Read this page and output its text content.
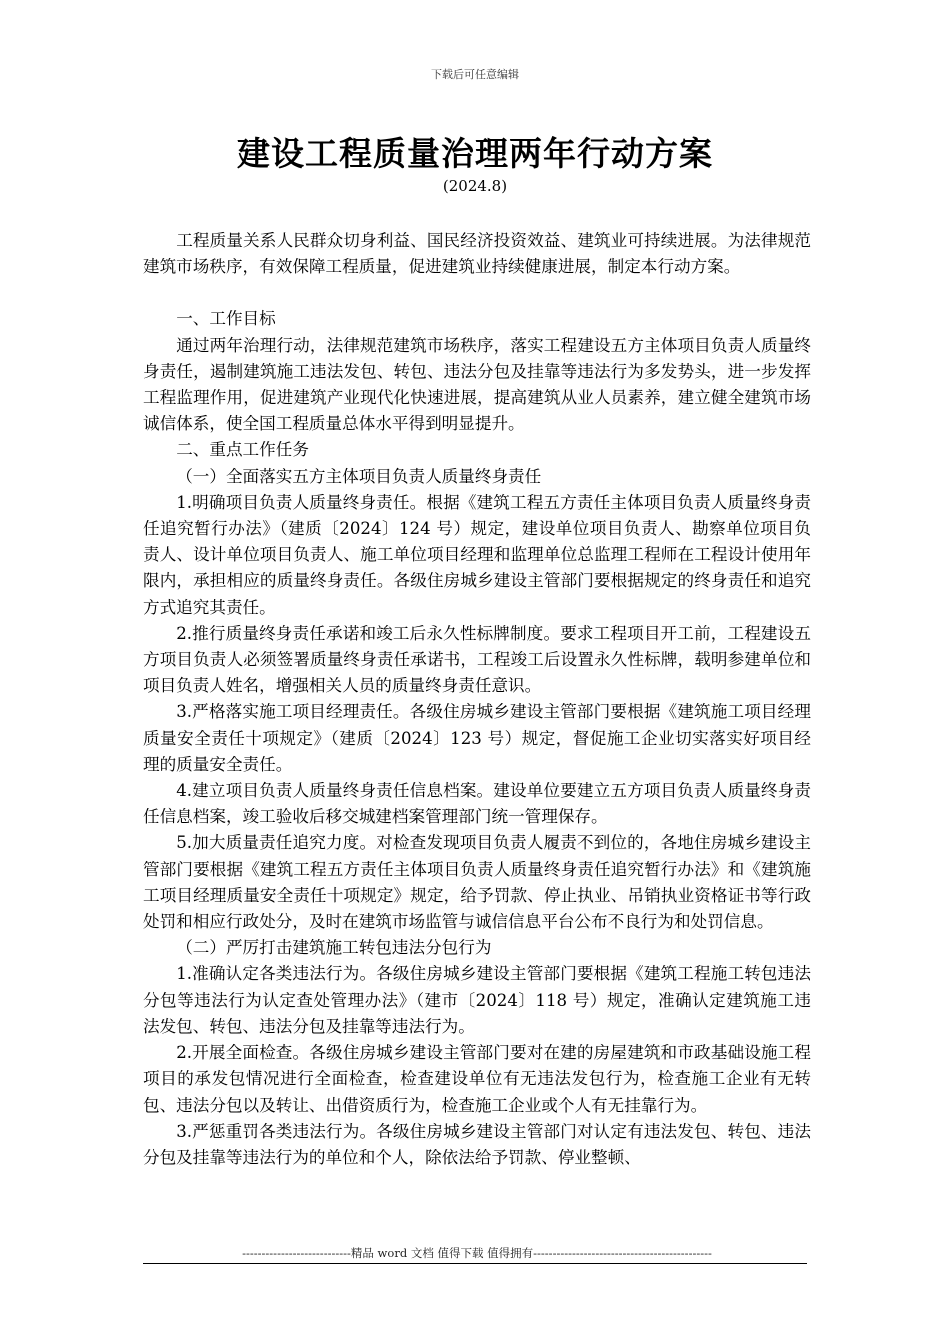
下载后可任意编辑
建设工程质量治理两年行动方案
(2024.8)

工程质量关系人民群众切身利益、国民经济投资效益、建筑业可持续进展。为法律规范建筑市场秩序，有效保障工程质量，促进建筑业持续健康进展，制定本行动方案。

一、工作目标

通过两年治理行动，法律规范建筑市场秩序，落实工程建设五方主体项目负责人质量终身责任，遏制建筑施工违法发包、转包、违法分包及挂靠等违法行为多发势头，进一步发挥工程监理作用，促进建筑产业现代化快速进展，提高建筑从业人员素养，建立健全建筑市场诚信体系，使全国工程质量总体水平得到明显提升。

二、重点工作任务

（一）全面落实五方主体项目负责人质量终身责任

1.明确项目负责人质量终身责任。根据《建筑工程五方责任主体项目负责人质量终身责任追究暂行办法》（建质〔2024〕124 号）规定，建设单位项目负责人、勘察单位项目负责人、设计单位项目负责人、施工单位项目经理和监理单位总监理工程师在工程设计使用年限内，承担相应的质量终身责任。各级住房城乡建设主管部门要根据规定的终身责任和追究方式追究其责任。

2.推行质量终身责任承诺和竣工后永久性标牌制度。要求工程项目开工前，工程建设五方项目负责人必须签署质量终身责任承诺书，工程竣工后设置永久性标牌，载明参建单位和项目负责人姓名，增强相关人员的质量终身责任意识。

3.严格落实施工项目经理责任。各级住房城乡建设主管部门要根据《建筑施工项目经理质量安全责任十项规定》（建质〔2024〕123 号）规定，督促施工企业切实落实好项目经理的质量安全责任。

4.建立项目负责人质量终身责任信息档案。建设单位要建立五方项目负责人质量终身责任信息档案，竣工验收后移交城建档案管理部门统一管理保存。

5.加大质量责任追究力度。对检查发现项目负责人履责不到位的，各地住房城乡建设主管部门要根据《建筑工程五方责任主体项目负责人质量终身责任追究暂行办法》和《建筑施工项目经理质量安全责任十项规定》规定，给予罚款、停止执业、吊销执业资格证书等行政处罚和相应行政处分，及时在建筑市场监管与诚信信息平台公布不良行为和处罚信息。

（二）严厉打击建筑施工转包违法分包行为

1.准确认定各类违法行为。各级住房城乡建设主管部门要根据《建筑工程施工转包违法分包等违法行为认定查处管理办法》（建市〔2024〕118 号）规定，准确认定建筑施工违法发包、转包、违法分包及挂靠等违法行为。

2.开展全面检查。各级住房城乡建设主管部门要对在建的房屋建筑和市政基础设施工程项目的承发包情况进行全面检查，检查建设单位有无违法发包行为，检查施工企业有无转包、违法分包以及转让、出借资质行为，检查施工企业或个人有无挂靠行为。

3.严惩重罚各类违法行为。各级住房城乡建设主管部门对认定有违法发包、转包、违法分包及挂靠等违法行为的单位和个人，除依法给予罚款、停业整顿、

----------------------------精品 word 文档 值得下载 值得拥有----------------------------------------------
